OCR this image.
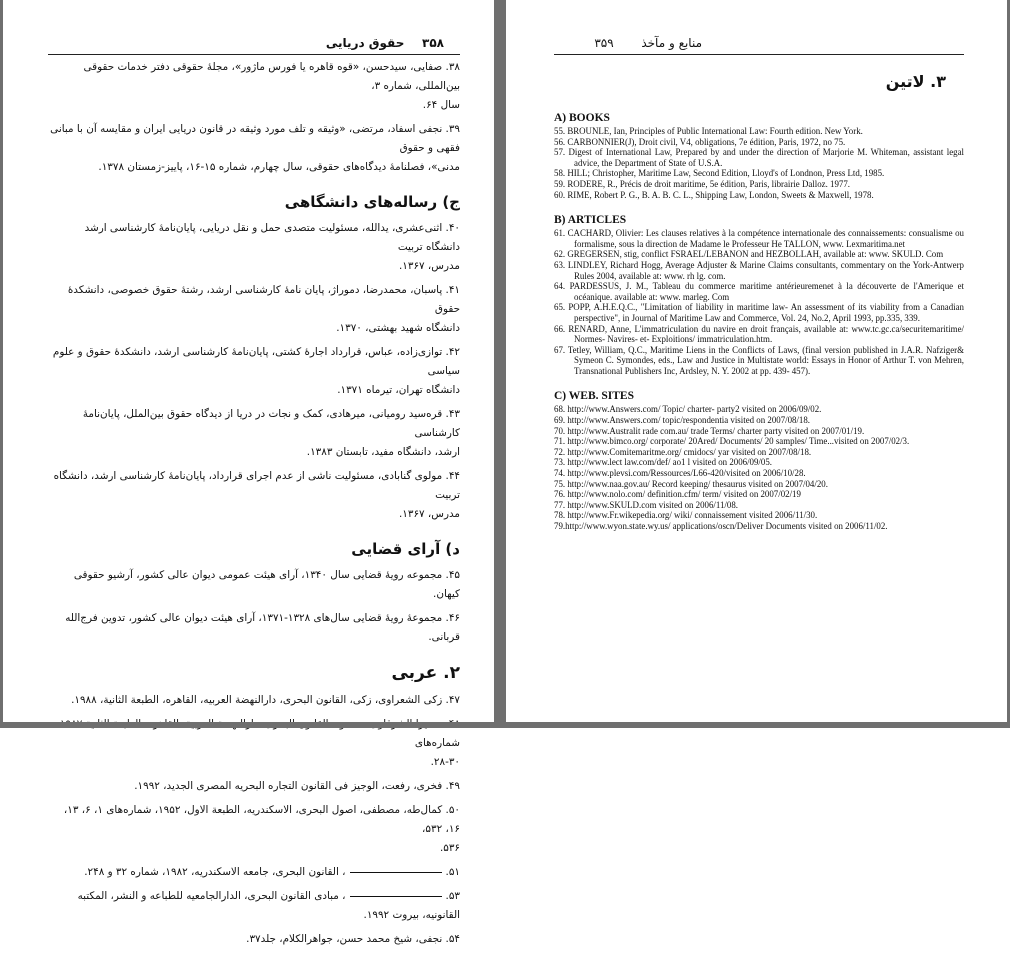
۳۵۸  حقوق دریایی
۳۸. صفایی، سید‌حسن، «قوه قاهره یا فورس ماژور»، مجلهٔ حقوقی دفتر خدمات حقوقی بین‌المللی، شماره ۳،
سال ۶۴.
۳۹. نجفی اسفاد، مرتضی، «وثیقه و تلف مورد وثیقه در قانون دریایی ایران و مقایسه آن با مبانی فقهی و حقوق
مدنی»، فصلنامهٔ دیدگاه‌های حقوقی، سال چهارم، شماره ۱۵-۱۶، پاییز-زمستان ۱۳۷۸.
ج) رساله‌های دانشگاهی
۴۰. اثنی‌عشری، یدالله، مسئولیت متصدی حمل و نقل دریایی، پایان‌نامهٔ کارشناسی ارشد دانشگاه تربیت
مدرس، ۱۳۶۷.
۴۱. پاسبان، محمدرضا، دموراژ، پایان نامهٔ کارشناسی ارشد، رشتهٔ حقوق خصوصی، دانشکدهٔ حقوق
دانشگاه شهید بهشتی، ۱۳۷۰.
۴۲. توازی‌زاده، عباس، قرارداد اجارهٔ کشتی، پایان‌نامهٔ کارشناسی ارشد، دانشکدهٔ حقوق و علوم سیاسی
دانشگاه تهران، تیرماه ۱۳۷۱.
۴۳. قره‌سید رومیانی، میرهادی، کمک و نجات در دریا از دیدگاه حقوق بین‌الملل، پایان‌نامهٔ کارشناسی
ارشد، دانشگاه مفید، تابستان ۱۳۸۳.
۴۴. مولوی گنابادی، مسئولیت ناشی از عدم اجرای قرارداد، پایان‌نامهٔ کارشناسی ارشد، دانشگاه تربیت
مدرس، ۱۳۶۷.
د) آرای قضایی
۴۵. مجموعه رویهٔ قضایی سال ۱۳۴۰، آرای هیئت عمومی دیوان عالی کشور، آرشیو حقوقی کیهان.
۴۶. مجموعهٔ رویهٔ قضایی سال‌های ۱۳۲۸-۱۳۷۱، آرای هیئت دیوان عالی کشور، تدوین فرج‌الله قربانی.
۲. عربی
۴۷. زکی الشعراوی، زکی، القانون البحری، دارالنهضة العربیه، القاهره، الطبعة الثانیة، ۱۹۸۸.
شماره‌های
۲۸-۳۰.
۴۹. فخری، رفعت، الوجیز فی القانون التجاره البحریه المصری الجدید، ۱۹۹۲.
۵۰. کمال‌طه، مصطفی، اصول البحری، الاسکندریه، الطبعة الاول، ۱۹۵۲، شماره‌های ۱، ۶، ۱۳، ۱۶، ۵۳۲،
۵۳۶.
۵۱.، القانون البحری، جامعه الاسکندریه، ۱۹۸۲، شماره ۳۲ و ۲۴۸.
۵۳.، مبادی القانون البحری، الدارالجامعیه للطباعه و النشر، المکتبه القانونیه، بیروت ۱۹۹۲.
۵۴. نجفی، شیخ محمد حسن، جواهرالکلام، جلد۳۷.
منابع و مآخذ  ۳۵۹
۳. لاتین
A) BOOKS

55. BROUNLE, Ian, Principles of Public International Law: Fourth edition. New York.

56. CARBONNIER(J), Droit civil, V4, obligations, 7e édition, Paris, 1972, no 75.

57. Digest of International Law, Prepared by and under the direction of Marjorie M. Whiteman, assistant legal advice, the Department of State of U.S.A.

58. HILL; Christopher, Maritime Law, Second Edition, Lloyd's of Londnon, Press Ltd, 1985.

59. RODERE, R., Précis de droit maritime, 5e édition, Paris, librairie Dalloz. 1977.

60. RIME, Robert P. G., B. A. B. C. L., Shipping Law, London, Sweets & Maxwell, 1978.

B) ARTICLES

61. CACHARD, Olivier: Les clauses relatives à la compétence internationale des connaissements: consualisme ou formalisme, sous la direction de Madame le Professeur He TALLON, www. Lexmaritima.net

62. GREGERSEN, stig, conflict FSRAEL/LEBANON and HEZBOLLAH, available at: www. SKULD. Com

63. LINDLEY, Richard Hogg, Average Adjuster & Marine Claims consultants, commentary on the York-Antwerp Rules 2004, available at: www. rh lg. com.

64. PARDESSUS, J. M., Tableau du commerce maritime antérieuremenet à la découverte de l'Amerique et océanique. available at: www. marleg. Com

65. POPP, A.H.E.Q.C., "Limitation of liability in maritime law- An assessment of its viability from a Canadian perspective", in Journal of Maritime Law and Commerce, Vol. 24, No.2, April 1993, pp.335, 339.

66. RENARD, Anne, L'immatriculation du navire en droit français, available at: www.tc.gc.ca/securitemaritime/ Normes- Navires- et- Exploitions/ immatriculation.htm.

67. Tetley, William, Q.C., Maritime Liens in the Conflicts of Laws, (final version published in J.A.R. Nafziger& Symeon C. Symondes, eds., Law and Justice in Multistate world: Essays in Honor of Arthur T. von Mehren, Transnational Publishers Inc, Ardsley, N. Y. 2002 at pp. 439- 457).

C) WEB. SITES

68. http://www.Answers.com/ Topic/ charter- party2 visited on 2006/09/02.

69. http://www.Answers.com/ topic/respondentia visited on 2007/08/18.

70. http://www.Australit rade com.au/ trade Terms/ charter party visited on 2007/01/19.

71. http://www.bimco.org/ corporate/ 20Ared/ Documents/ 20 samples/ Time...visited on 2007/02/3.

72. http://www.Comitemaritme.org/ cmidocs/ yar visited on 2007/08/18.

73. http://www.lect law.com/def/ ao1 l visited on 2006/09/05.

74. http://www.plevsi.com/Ressources/L66-420/visited on 2006/10/28.

75. http://www.naa.gov.au/ Record keeping/ thesaurus visited on 2007/04/20.

76. http://www.nolo.com/ definition.cfm/ term/ visited on 2007/02/19

77. http://www.SKULD.com visited on 2006/11/08.

78. http://www.Fr.wikepedia.org/ wiki/ connaissement visited 2006/11/30.

79.http://www.wyon.state.wy.us/ applications/oscn/Deliver Documents visited on 2006/11/02.
